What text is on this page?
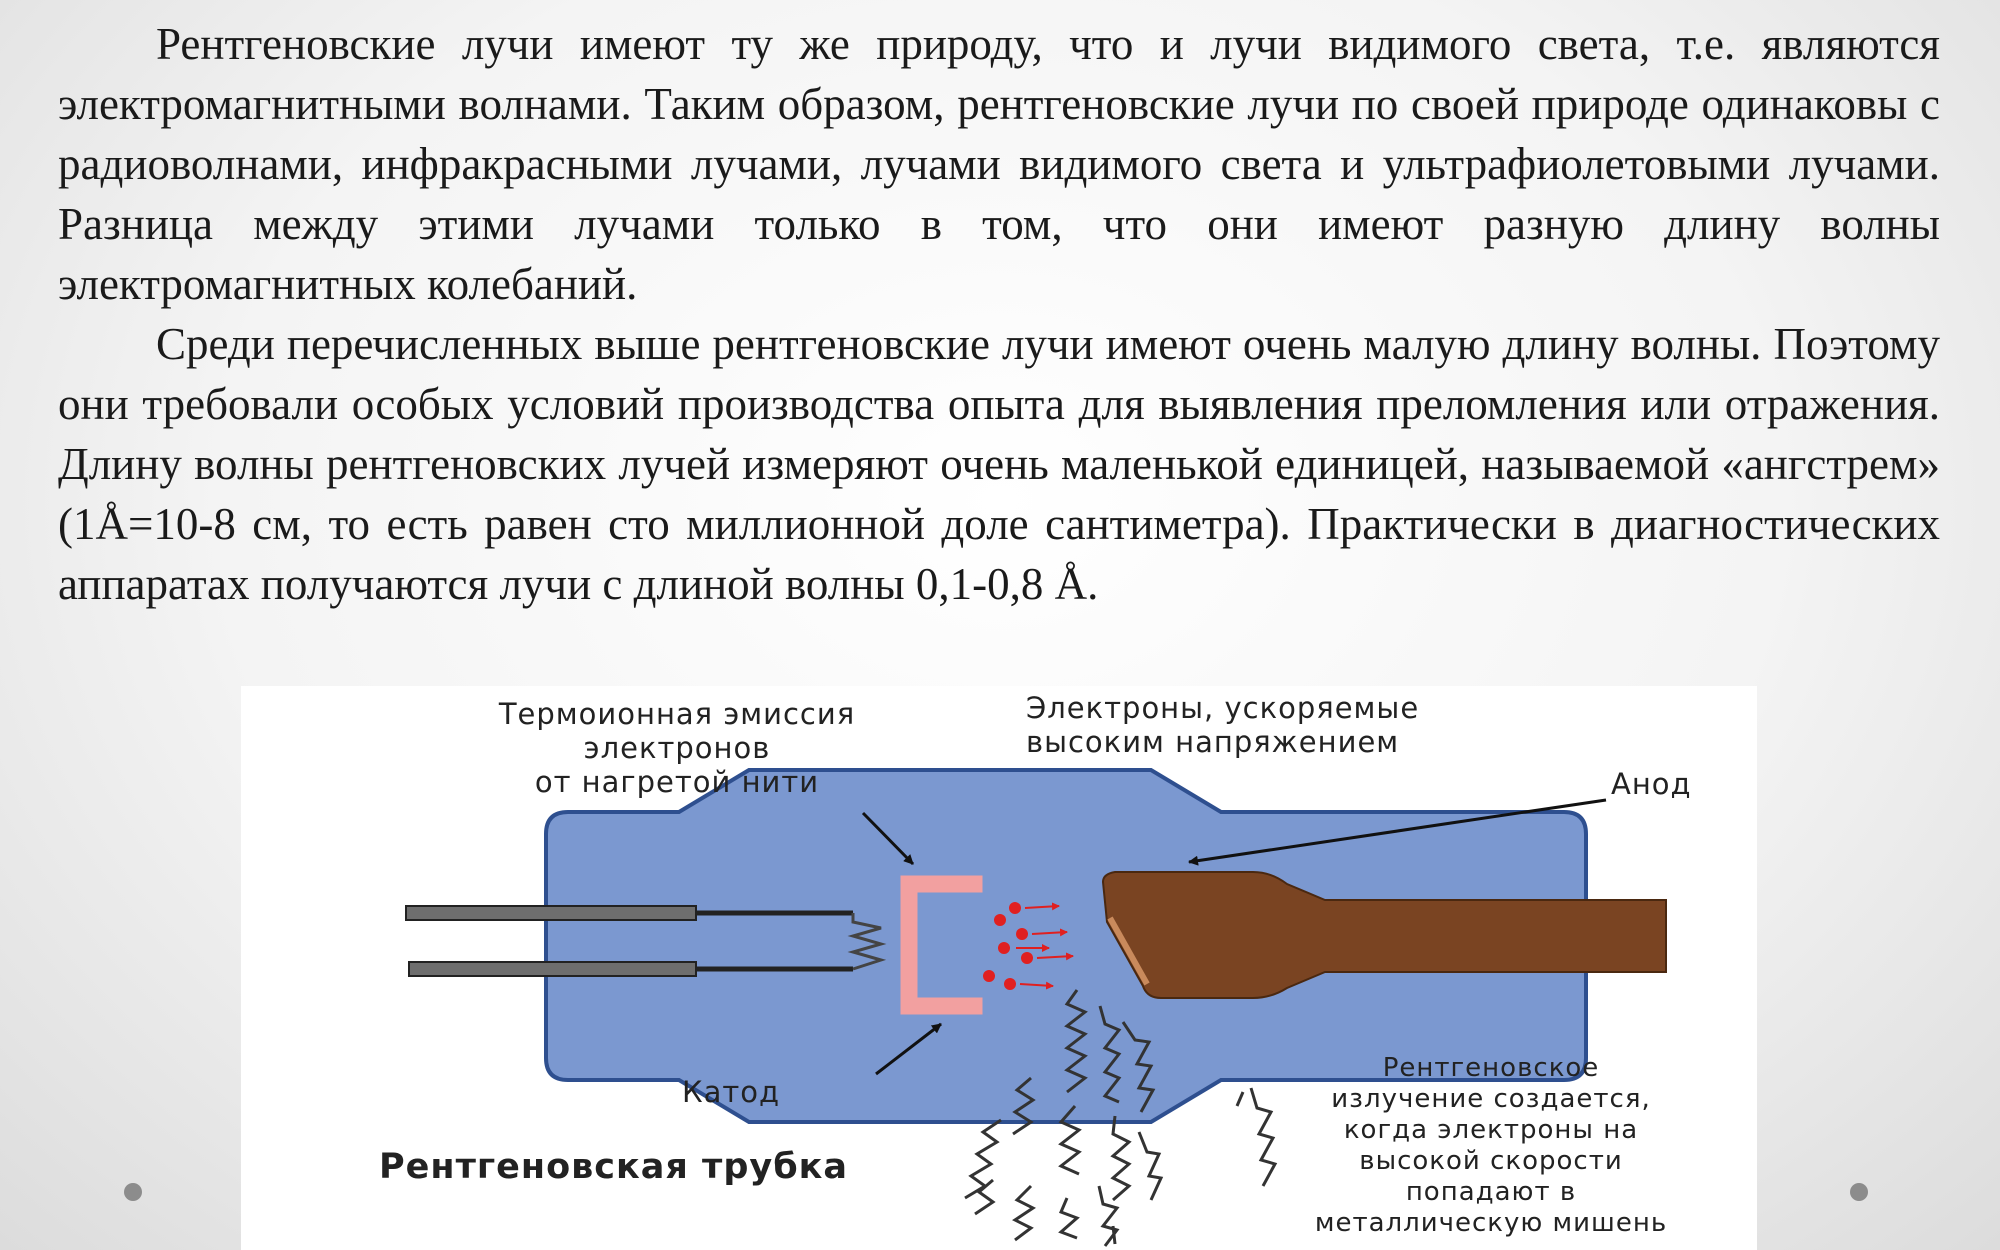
Рентгеновские лучи имеют ту же природу, что и лучи видимого света, т.е. являются электромагнитными волнами. Таким образом, рентгеновские лучи по своей природе одинаковы с радиоволнами, инфракрасными лучами, лучами видимого света и ультрафиолетовыми лучами. Разница между этими лучами только в том, что они имеют разную длину волны электромагнитных колебаний.

Среди перечисленных выше рентгеновские лучи имеют очень малую длину волны. Поэтому они требовали особых условий производства опыта для выявления преломления или отражения. Длину волны рентгеновских лучей измеряют очень маленькой единицей, называемой «ангстрем» (1Å=10-8 см, то есть равен сто миллионной доле сантиметра). Практически в диагностических аппаратах получаются лучи с длиной волны 0,1-0,8 Å.

Термоионная эмиссия
электронов
от нагретой нити
Электроны, ускоряемые
высоким напряжением
Анод
Катод
Рентгеновская трубка
Рентгеновское
излучение создается,
когда электроны на
высокой скорости
попадают в
металлическую мишень
